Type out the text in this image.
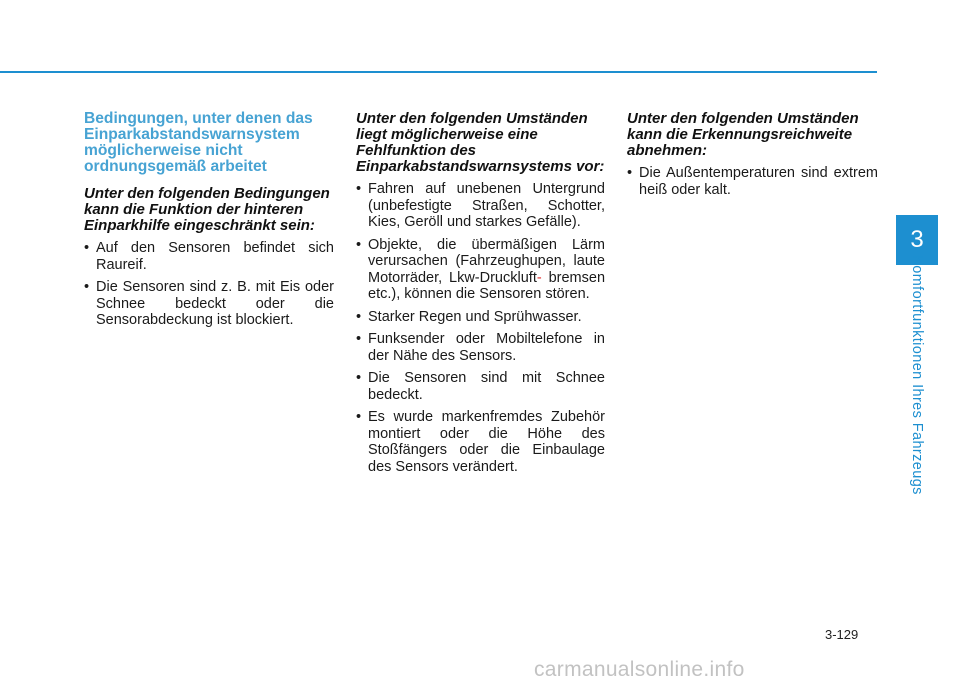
3
Komfortfunktionen Ihres Fahrzeugs
Bedingungen, unter denen das Einparkabstandswarnsystem möglicherweise nicht ordnungsgemäß arbeitet
Unter den folgenden Bedingungen kann die Funktion der hinteren Einparkhilfe eingeschränkt sein:
• Auf den Sensoren befindet sich Raureif.
• Die Sensoren sind z. B. mit Eis oder Schnee bedeckt oder die Sensorabdeckung ist blockiert.
Unter den folgenden Umständen liegt möglicherweise eine Fehlfunktion des Einparkabstandswarnsystems vor:
• Fahren auf unebenen Untergrund (unbefestigte Straßen, Schotter, Kies, Geröll und starkes Gefälle).
• Objekte, die übermäßigen Lärm verursachen (Fahrzeughupen, laute Motorräder, Lkw-Druckluft- bremsen etc.), können die Sensoren stören.
• Starker Regen und Sprühwasser.
• Funksender oder Mobiltelefone in der Nähe des Sensors.
• Die Sensoren sind mit Schnee bedeckt.
• Es wurde markenfremdes Zubehör montiert oder die Höhe des Stoßfängers oder die Einbaulage des Sensors verändert.
Unter den folgenden Umständen kann die Erkennungsreichweite abnehmen:
• Die Außentemperaturen sind extrem heiß oder kalt.
3-129
carmanualsonline.info
